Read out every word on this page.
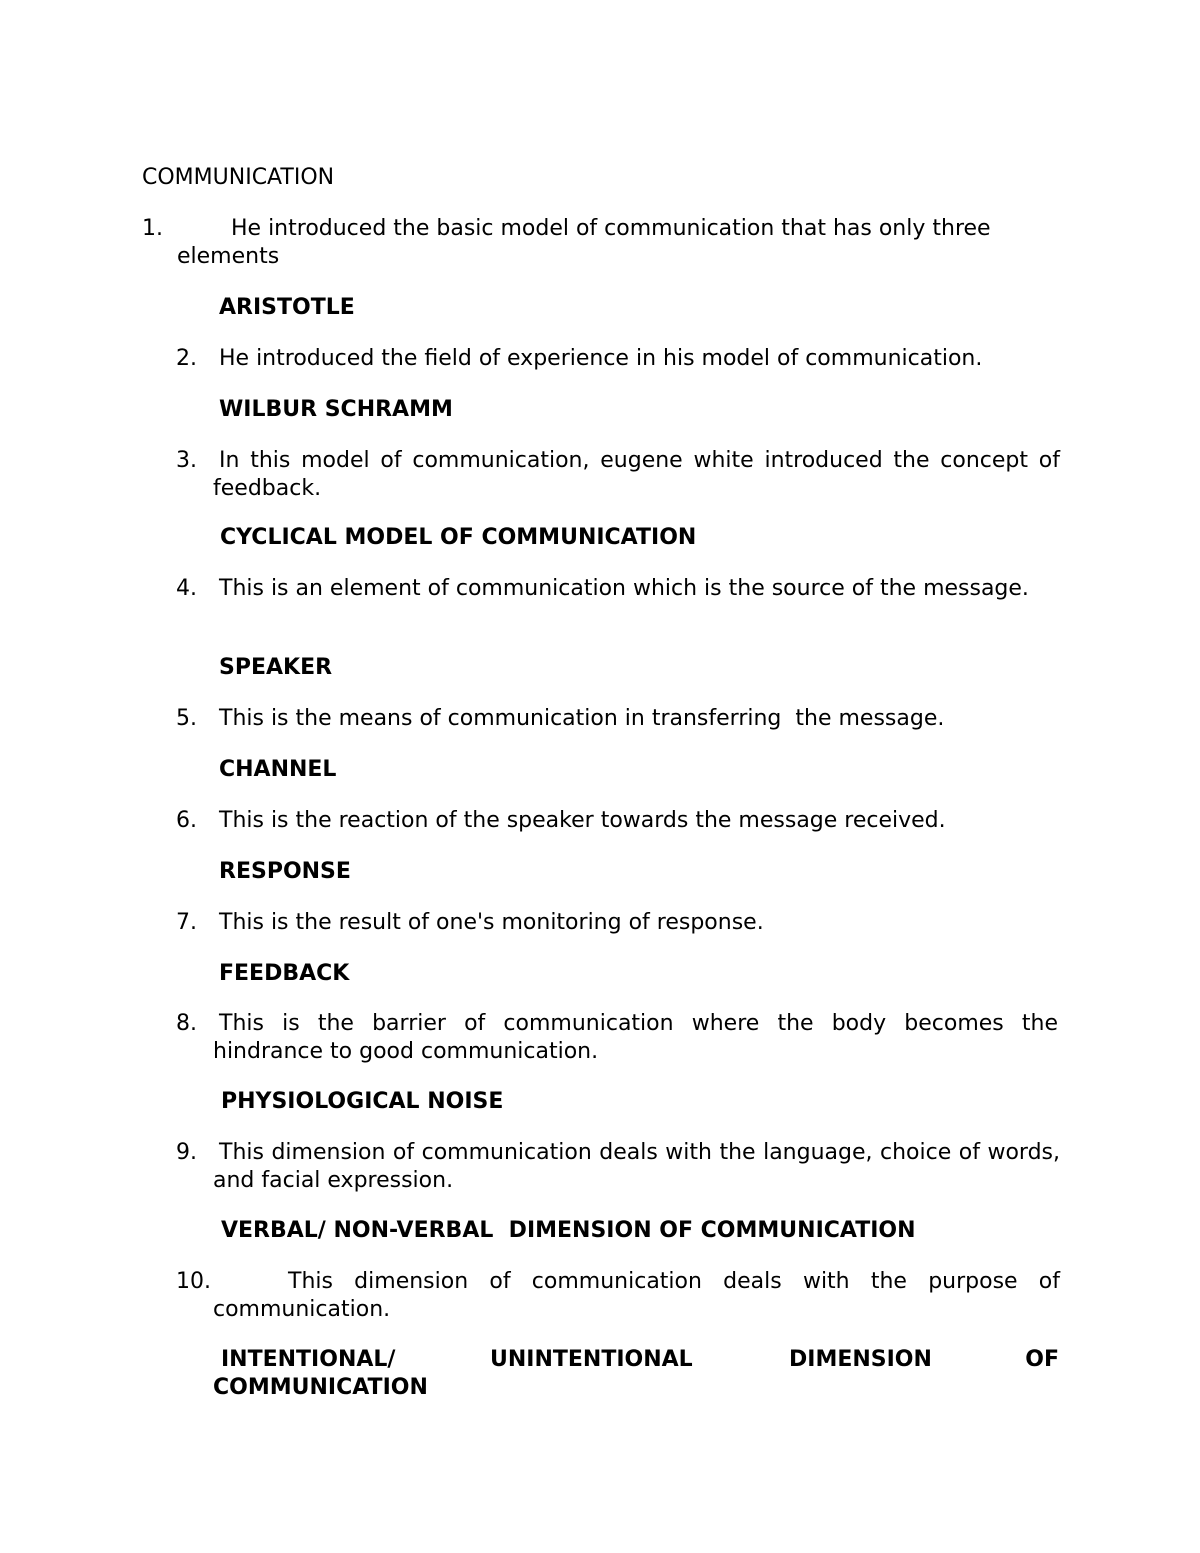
COMMUNICATION
1.	He introduced the basic model of communication that has only three elements
ARISTOTLE
2. He introduced the field of experience in his model of communication.
WILBUR SCHRAMM
3. In this model of communication, eugene white introduced the concept of feedback.
CYCLICAL MODEL OF COMMUNICATION
4. This is an element of communication which is the source of the message.
SPEAKER
5. This is the means of communication in transferring  the message.
CHANNEL
6. This is the reaction of the speaker towards the message received.
RESPONSE
7. This is the result of one's monitoring of response.
FEEDBACK
8. This is the barrier of communication where the body becomes the hindrance to good communication.
PHYSIOLOGICAL NOISE
9. This dimension of communication deals with the language, choice of words, and facial expression.
VERBAL/ NON-VERBAL  DIMENSION OF COMMUNICATION
10.	This dimension of communication deals with the purpose of communication.
INTENTIONAL/	UNINTENTIONAL	DIMENSION	OF
COMMUNICATION
